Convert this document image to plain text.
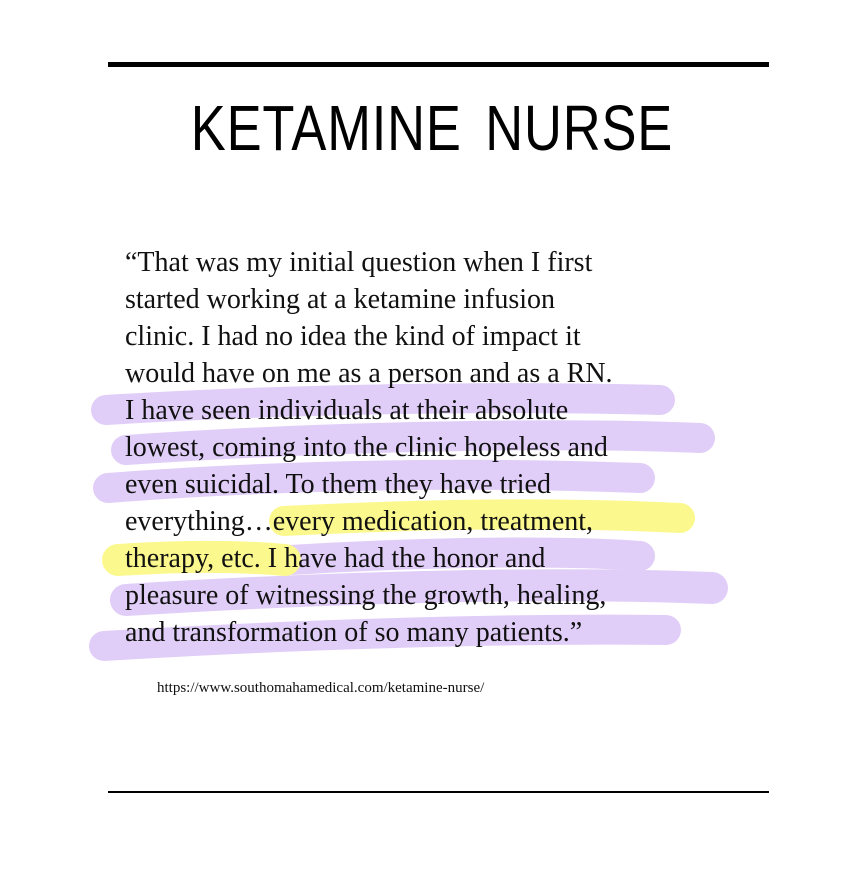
KETAMINE NURSE

“That was my initial question when I first
started working at a ketamine infusion
clinic. I had no idea the kind of impact it
would have on me as a person and as a RN.
I have seen individuals at their absolute
lowest, coming into the clinic hopeless and
even suicidal. To them they have tried
everything…every medication, treatment,
therapy, etc. I have had the honor and
pleasure of witnessing the growth, healing,
and transformation of so many patients.”

https://www.southomahamedical.com/ketamine-nurse/
